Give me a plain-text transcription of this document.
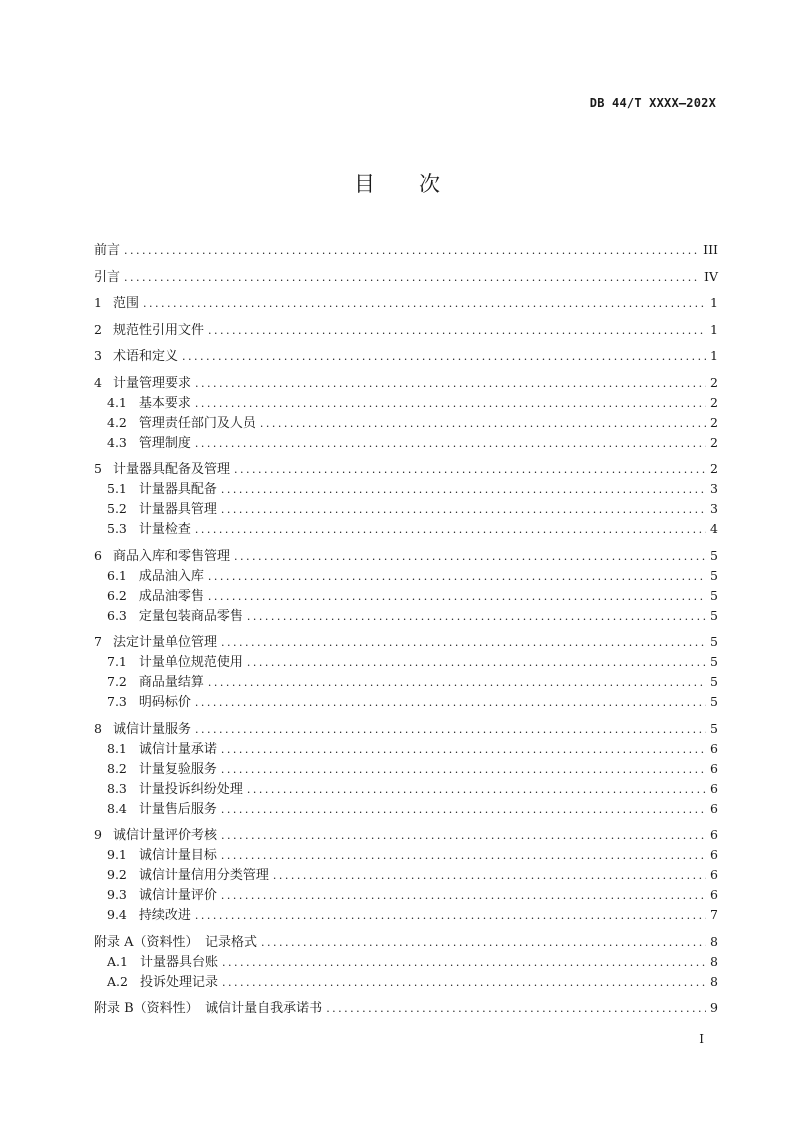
DB 44/T XXXX—202X
目次
前言 .....	III
引言 .....	IV
1 范围 .....	1
2 规范性引用文件 .....	1
3 术语和定义 .....	1
4 计量管理要求 .....	2
4.1 基本要求 .....	2
4.2 管理责任部门及人员 .....	2
4.3 管理制度 .....	2
5 计量器具配备及管理 .....	2
5.1 计量器具配备 .....	3
5.2 计量器具管理 .....	3
5.3 计量检查 .....	4
6 商品入库和零售管理 .....	5
6.1 成品油入库 .....	5
6.2 成品油零售 .....	5
6.3 定量包装商品零售 .....	5
7 法定计量单位管理 .....	5
7.1 计量单位规范使用 .....	5
7.2 商品量结算 .....	5
7.3 明码标价 .....	5
8 诚信计量服务 .....	5
8.1 诚信计量承诺 .....	6
8.2 计量复验服务 .....	6
8.3 计量投诉纠纷处理 .....	6
8.4 计量售后服务 .....	6
9 诚信计量评价考核 .....	6
9.1 诚信计量目标 .....	6
9.2 诚信计量信用分类管理 .....	6
9.3 诚信计量评价 .....	6
9.4 持续改进 .....	7
附录 A（资料性）　记录格式 .....	8
A.1 计量器具台账 .....	8
A.2 投诉处理记录 .....	8
附录 B（资料性）　诚信计量自我承诺书 .....	9
I
